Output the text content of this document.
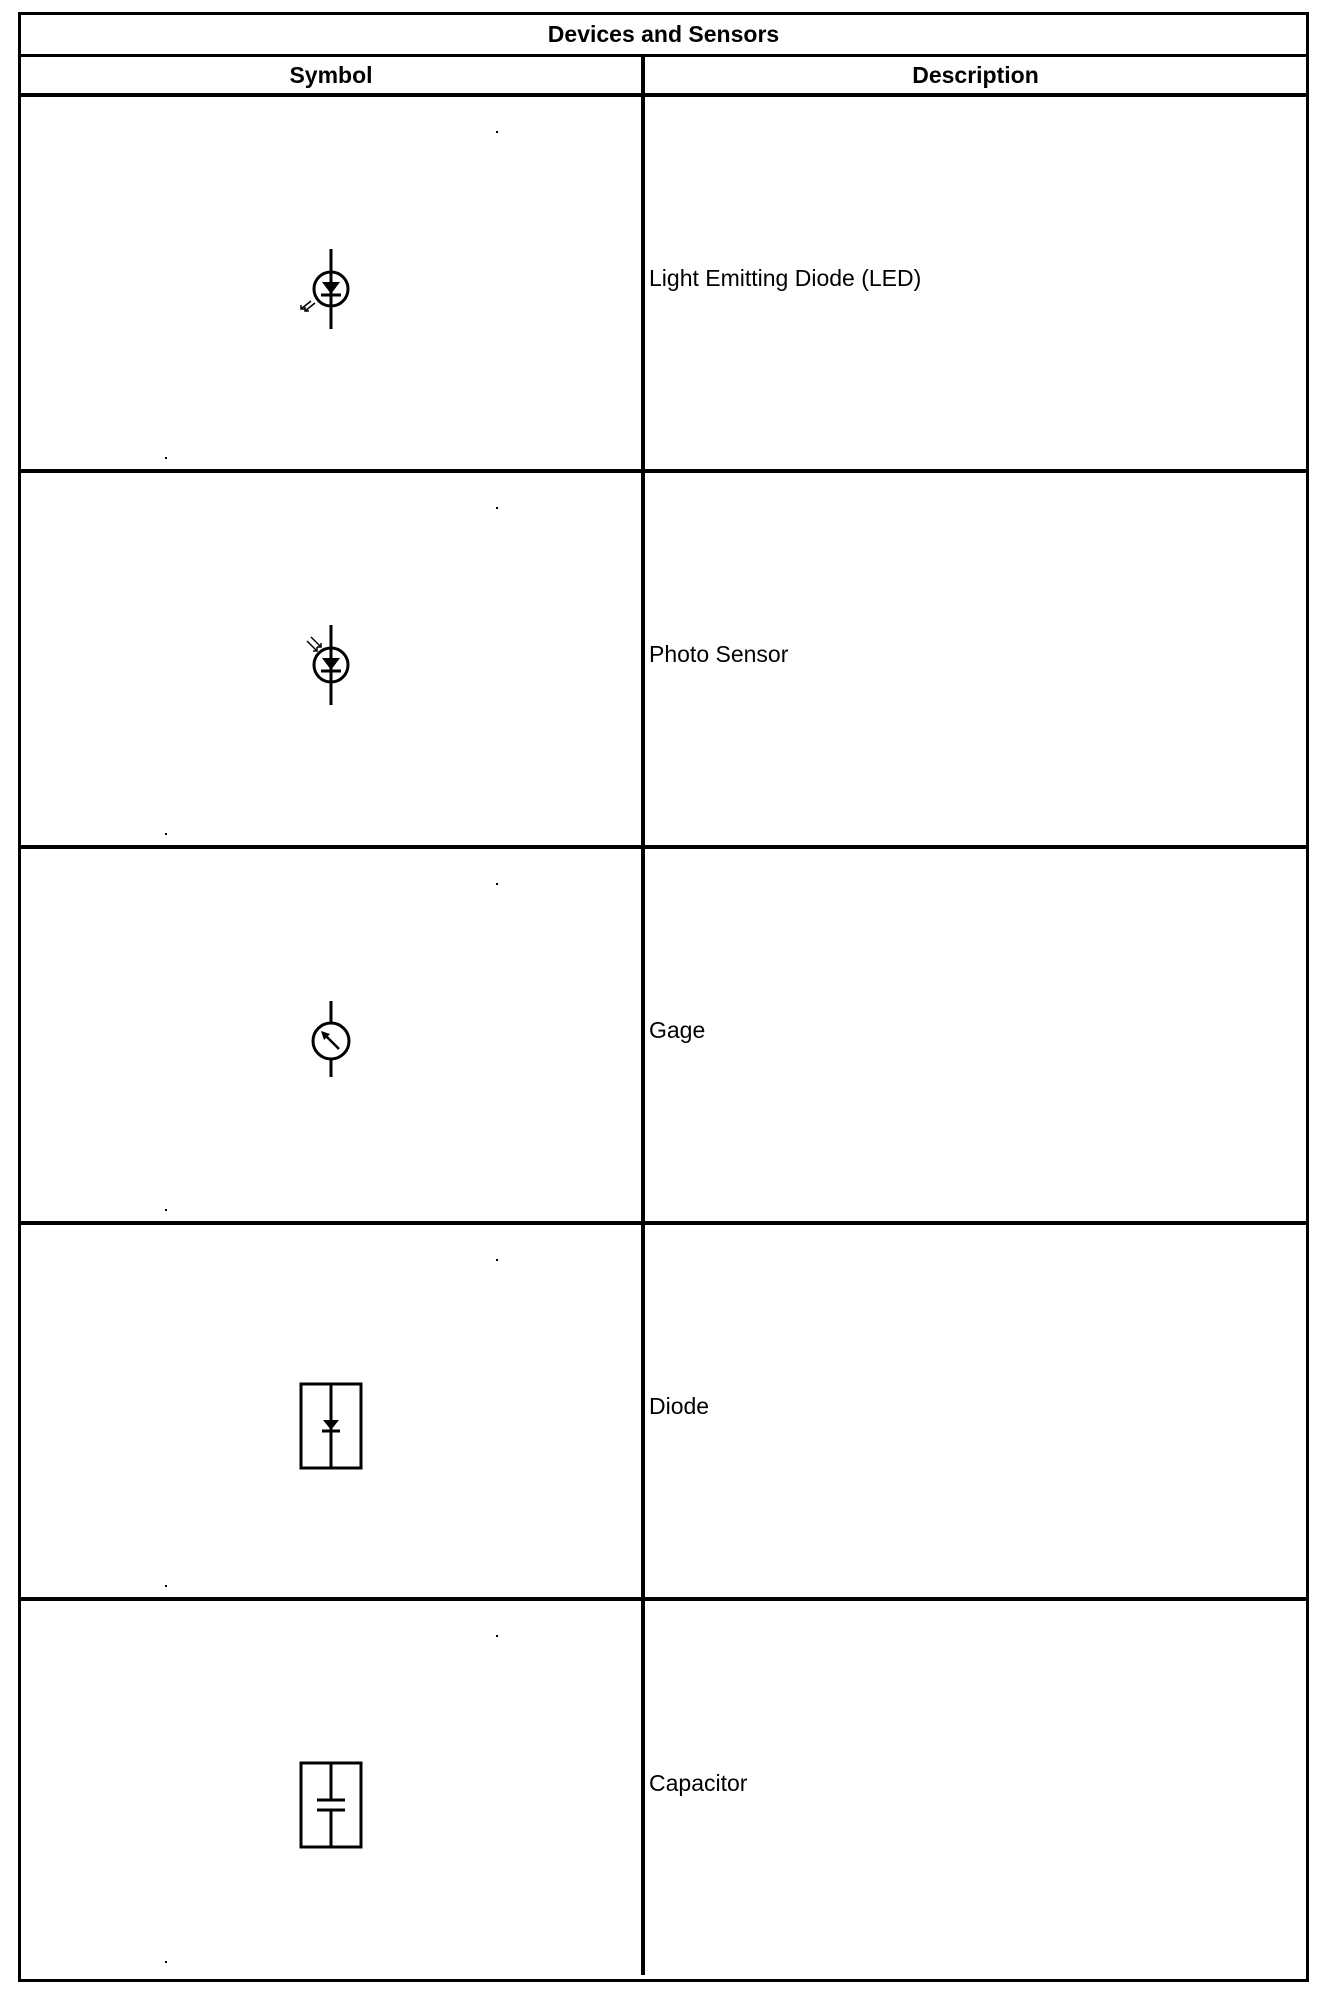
Devices and Sensors
Symbol	Description
Light Emitting Diode (LED)
Photo Sensor
Gage
Diode
Capacitor
